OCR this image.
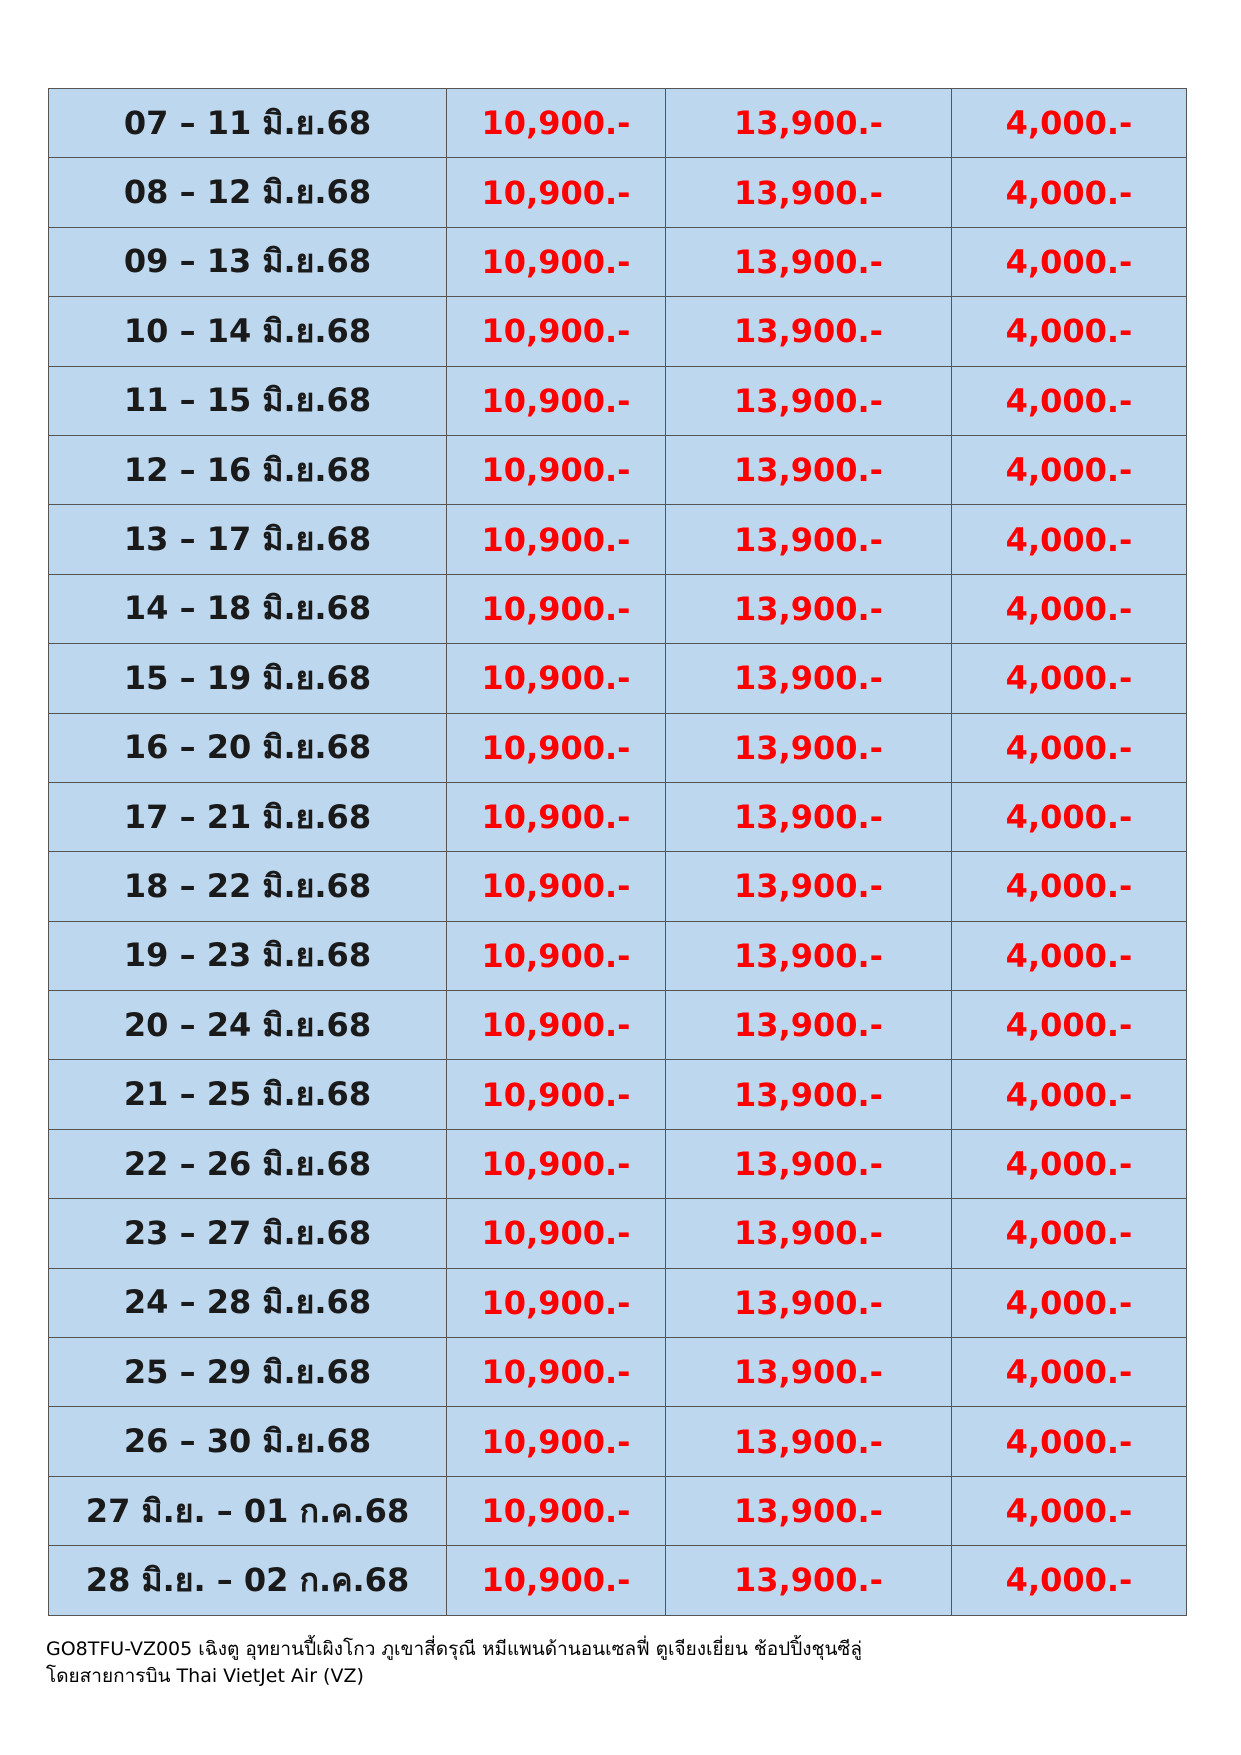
07 – 11 มิ.ย.68	10,900.-	13,900.-	4,000.-
08 – 12 มิ.ย.68	10,900.-	13,900.-	4,000.-
09 – 13 มิ.ย.68	10,900.-	13,900.-	4,000.-
10 – 14 มิ.ย.68	10,900.-	13,900.-	4,000.-
11 – 15 มิ.ย.68	10,900.-	13,900.-	4,000.-
12 – 16 มิ.ย.68	10,900.-	13,900.-	4,000.-
13 – 17 มิ.ย.68	10,900.-	13,900.-	4,000.-
14 – 18 มิ.ย.68	10,900.-	13,900.-	4,000.-
15 – 19 มิ.ย.68	10,900.-	13,900.-	4,000.-
16 – 20 มิ.ย.68	10,900.-	13,900.-	4,000.-
17 – 21 มิ.ย.68	10,900.-	13,900.-	4,000.-
18 – 22 มิ.ย.68	10,900.-	13,900.-	4,000.-
19 – 23 มิ.ย.68	10,900.-	13,900.-	4,000.-
20 – 24 มิ.ย.68	10,900.-	13,900.-	4,000.-
21 – 25 มิ.ย.68	10,900.-	13,900.-	4,000.-
22 – 26 มิ.ย.68	10,900.-	13,900.-	4,000.-
23 – 27 มิ.ย.68	10,900.-	13,900.-	4,000.-
24 – 28 มิ.ย.68	10,900.-	13,900.-	4,000.-
25 – 29 มิ.ย.68	10,900.-	13,900.-	4,000.-
26 – 30 มิ.ย.68	10,900.-	13,900.-	4,000.-
27 มิ.ย. – 01 ก.ค.68	10,900.-	13,900.-	4,000.-
28 มิ.ย. – 02 ก.ค.68	10,900.-	13,900.-	4,000.-
GO8TFU-VZ005 เฉิงตู อุทยานปี้เผิงโกว ภูเขาสี่ดรุณี หมีแพนด้านอนเซลฟี่ ตูเจียงเยี่ยน ช้อปปิ้งชุนซีลู่
โดยสายการบิน Thai VietJet Air (VZ)
